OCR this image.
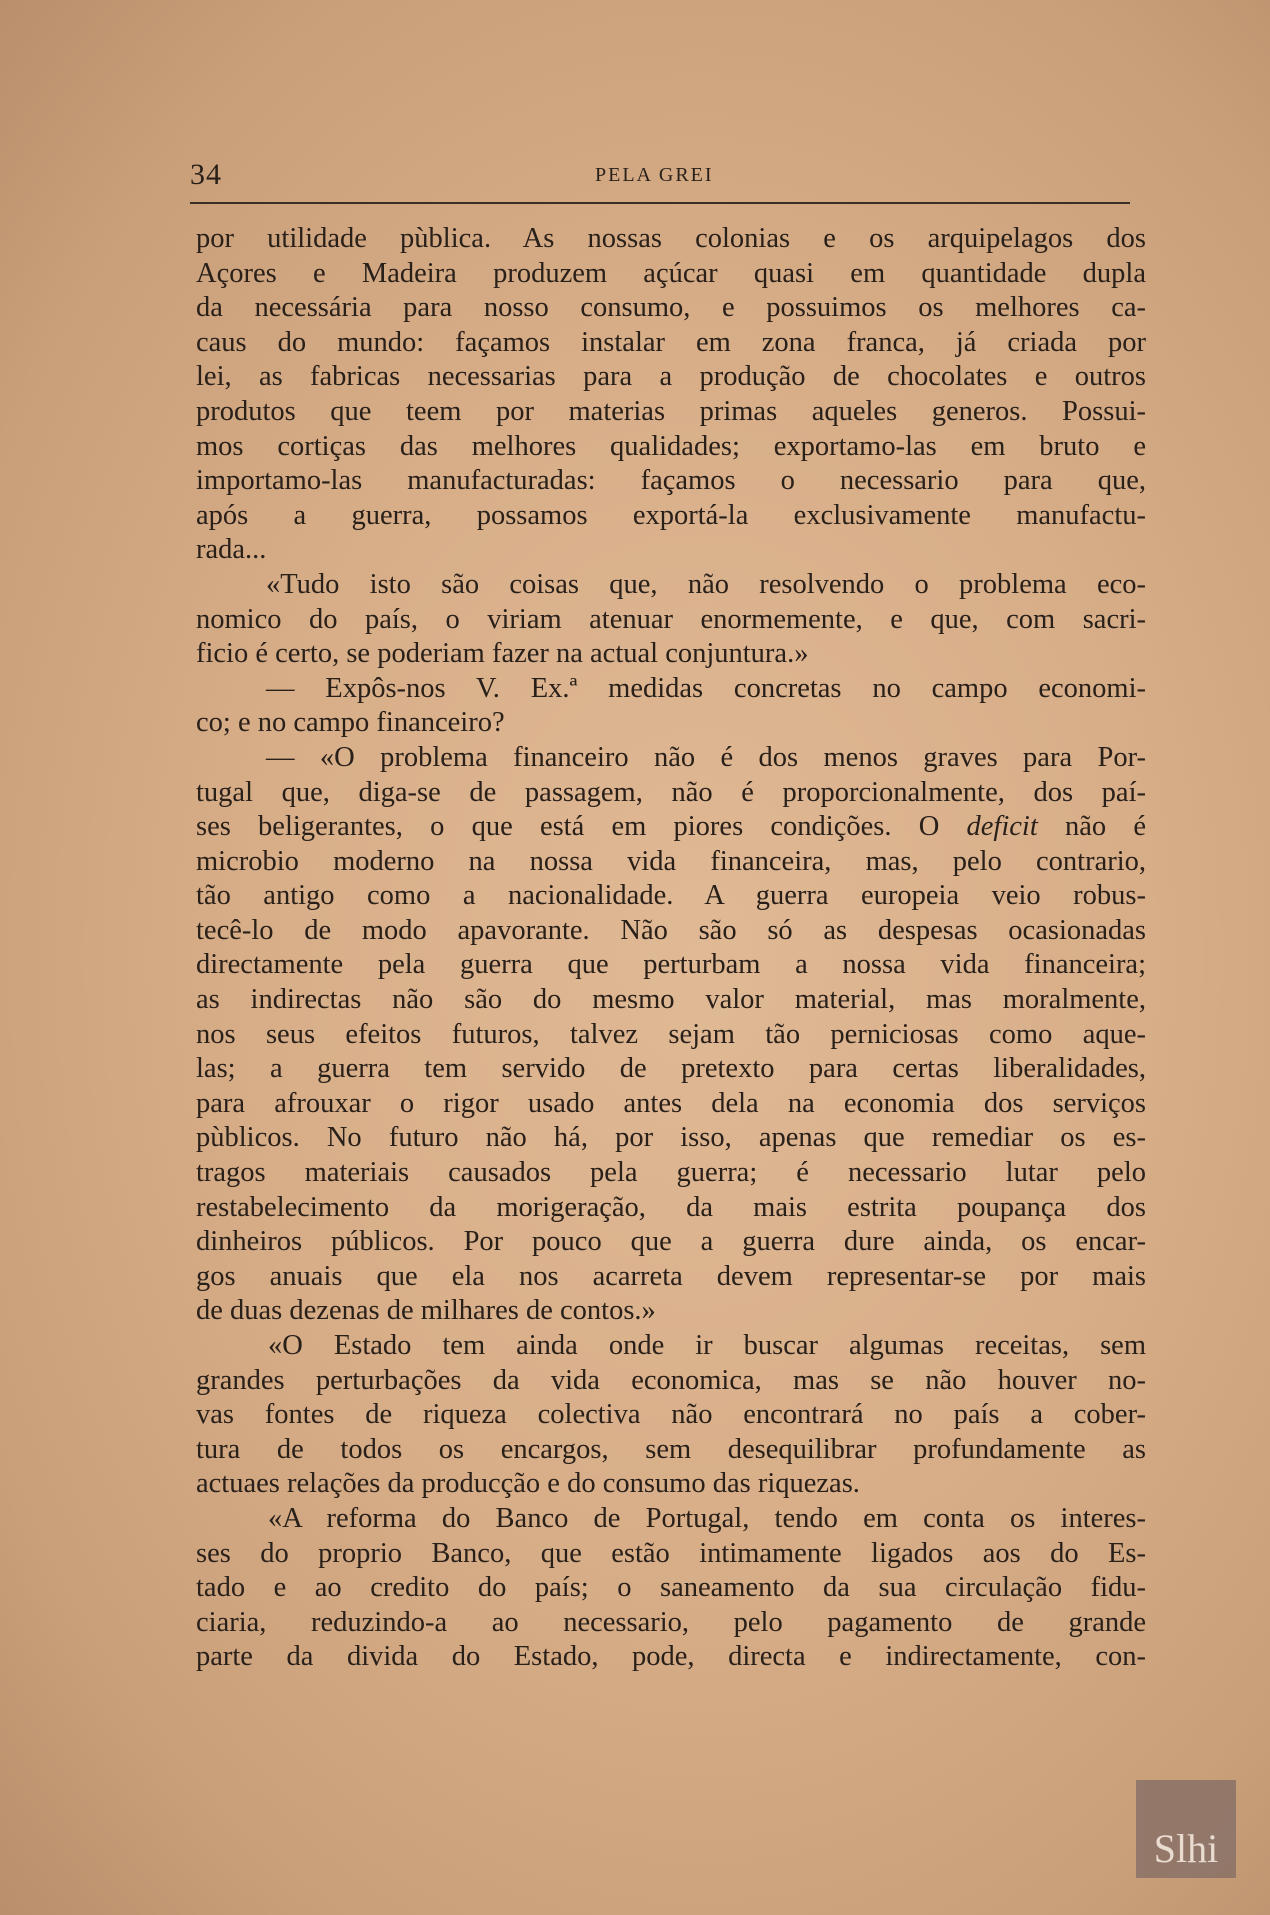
34	PELA GREI
por utilidade pùblica. As nossas colonias e os arquipelagos dos
Açores e Madeira produzem açúcar quasi em quantidade dupla
da necessária para nosso consumo, e possuimos os melhores ca-
caus do mundo: façamos instalar em zona franca, já criada por
lei, as fabricas necessarias para a produção de chocolates e outros
produtos que teem por materias primas aqueles generos. Possui-
mos cortiças das melhores qualidades; exportamo-las em bruto e
importamo-las manufacturadas: façamos o necessario para que,
após a guerra, possamos exportá-la exclusivamente manufactu-
rada...
«Tudo isto são coisas que, não resolvendo o problema eco-
nomico do país, o viriam atenuar enormemente, e que, com sacri-
ficio é certo, se poderiam fazer na actual conjuntura.»
— Expôs-nos V. Ex.ª medidas concretas no campo economi-
co; e no campo financeiro?
— «O problema financeiro não é dos menos graves para Por-
tugal que, diga-se de passagem, não é proporcionalmente, dos paí-
ses beligerantes, o que está em piores condições. O deficit não é
microbio moderno na nossa vida financeira, mas, pelo contrario,
tão antigo como a nacionalidade. A guerra europeia veio robus-
tecê-lo de modo apavorante. Não são só as despesas ocasionadas
directamente pela guerra que perturbam a nossa vida financeira;
as indirectas não são do mesmo valor material, mas moralmente,
nos seus efeitos futuros, talvez sejam tão perniciosas como aque-
las; a guerra tem servido de pretexto para certas liberalidades,
para afrouxar o rigor usado antes dela na economia dos serviços
pùblicos. No futuro não há, por isso, apenas que remediar os es-
tragos materiais causados pela guerra; é necessario lutar pelo
restabelecimento da morigeração, da mais estrita poupança dos
dinheiros públicos. Por pouco que a guerra dure ainda, os encar-
gos anuais que ela nos acarreta devem representar-se por mais
de duas dezenas de milhares de contos.»
«O Estado tem ainda onde ir buscar algumas receitas, sem
grandes perturbações da vida economica, mas se não houver no-
vas fontes de riqueza colectiva não encontrará no país a cober-
tura de todos os encargos, sem desequilibrar profundamente as
actuaes relações da producção e do consumo das riquezas.
«A reforma do Banco de Portugal, tendo em conta os interes-
ses do proprio Banco, que estão intimamente ligados aos do Es-
tado e ao credito do país; o saneamento da sua circulação fidu-
ciaria, reduzindo-a ao necessario, pelo pagamento de grande
parte da divida do Estado, pode, directa e indirectamente, con-
Slhi
